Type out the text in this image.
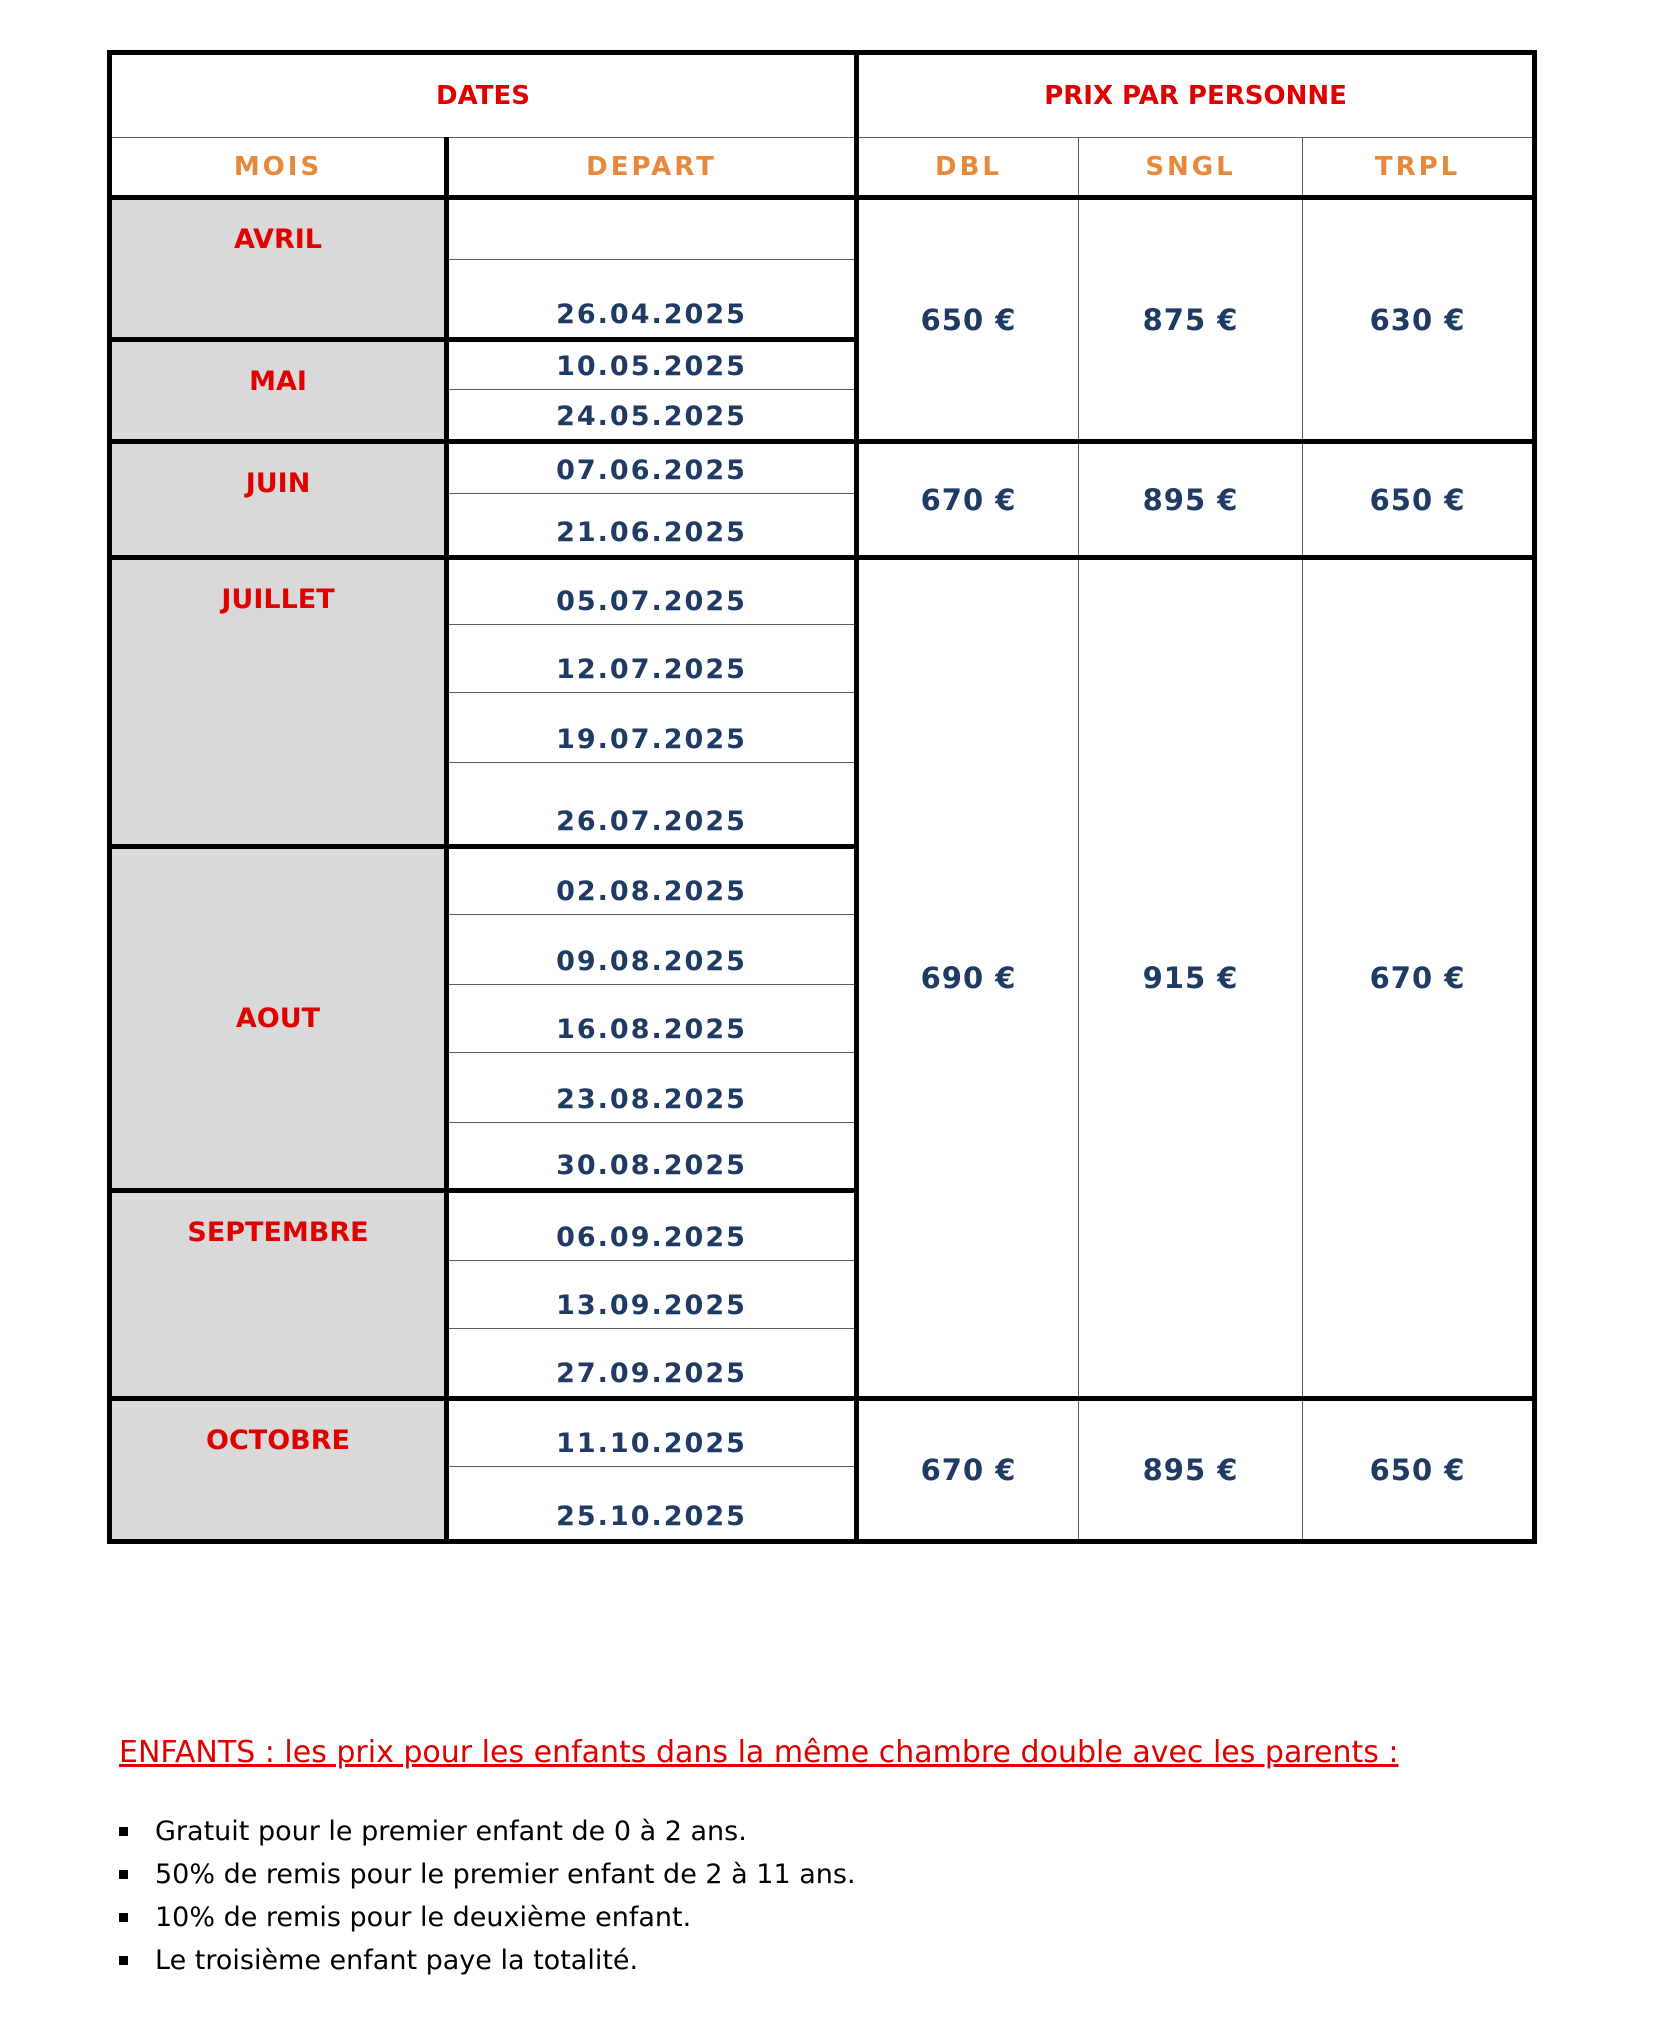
DATES		PRIX PAR PERSONNE		
MOIS	DEPART	DBL	SNGL	TRPL
AVRIL		650 €	875 €	630 €
	26.04.2025			
MAI	10.05.2025			
	24.05.2025			
JUIN	07.06.2025	670 €	895 €	650 €
	21.06.2025			
JUILLET	05.07.2025	690 €	915 €	670 €
	12.07.2025			
	19.07.2025			
	26.07.2025			
AOUT	02.08.2025			
	09.08.2025			
	16.08.2025			
	23.08.2025			
	30.08.2025			
SEPTEMBRE	06.09.2025			
	13.09.2025			
	27.09.2025			
OCTOBRE	11.10.2025	670 €	895 €	650 €
	25.10.2025			

ENFANTS : les prix pour les enfants dans la même chambre double avec les parents :

Gratuit pour le premier enfant de 0 à 2 ans.
50% de remis pour le premier enfant de 2 à 11 ans.
10% de remis pour le deuxième enfant.
Le troisième enfant paye la totalité.
